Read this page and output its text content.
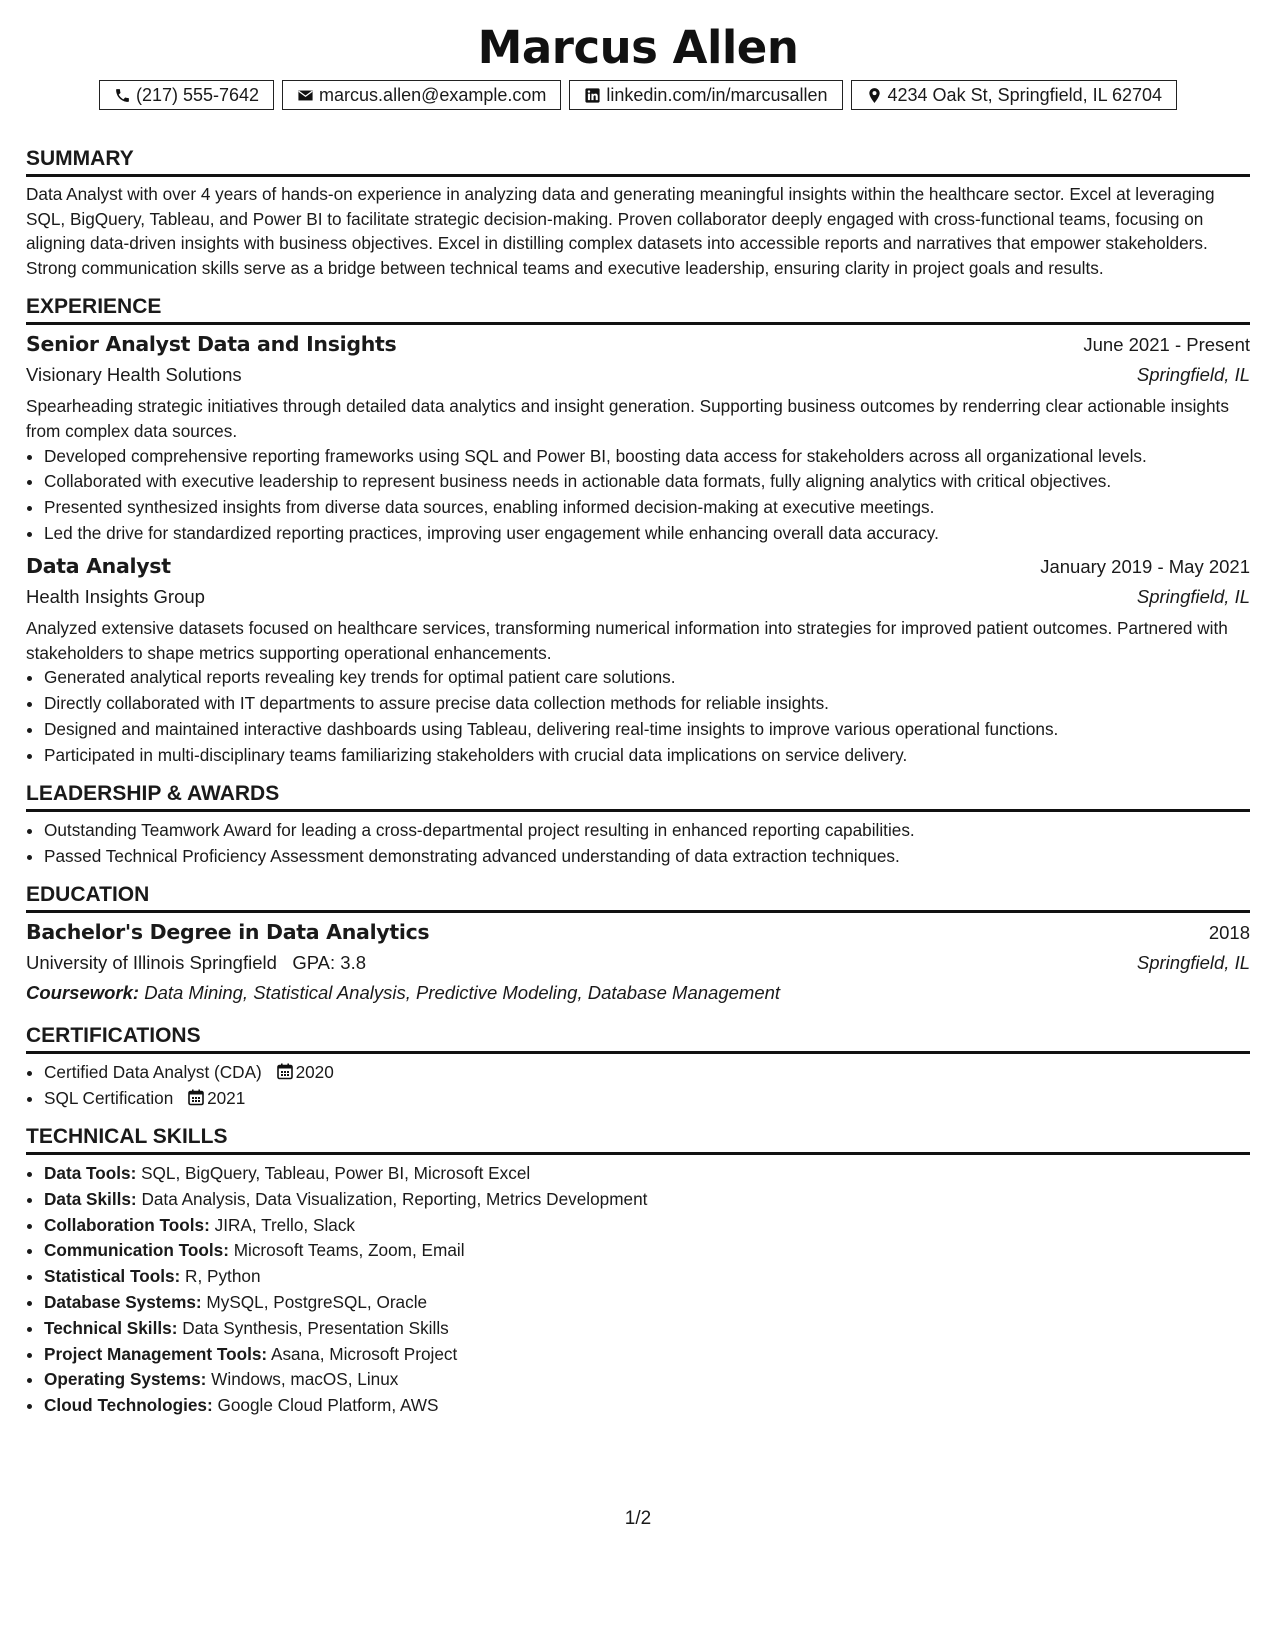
Marcus Allen
(217) 555-7642	marcus.allen@example.com	linkedin.com/in/marcusallen	4234 Oak St, Springfield, IL 62704
SUMMARY

Data Analyst with over 4 years of hands-on experience in analyzing data and generating meaningful insights within the healthcare sector. Excel at leveraging SQL, BigQuery, Tableau, and Power BI to facilitate strategic decision-making. Proven collaborator deeply engaged with cross-functional teams, focusing on aligning data-driven insights with business objectives. Excel in distilling complex datasets into accessible reports and narratives that empower stakeholders. Strong communication skills serve as a bridge between technical teams and executive leadership, ensuring clarity in project goals and results.

EXPERIENCE
Senior Analyst Data and Insights	June 2021 - Present
Visionary Health Solutions	Springfield, IL

Spearheading strategic initiatives through detailed data analytics and insight generation. Supporting business outcomes by renderring clear actionable insights from complex data sources.

• Developed comprehensive reporting frameworks using SQL and Power BI, boosting data access for stakeholders across all organizational levels.
• Collaborated with executive leadership to represent business needs in actionable data formats, fully aligning analytics with critical objectives.
• Presented synthesized insights from diverse data sources, enabling informed decision-making at executive meetings.
• Led the drive for standardized reporting practices, improving user engagement while enhancing overall data accuracy.
Data Analyst	January 2019 - May 2021
Health Insights Group	Springfield, IL

Analyzed extensive datasets focused on healthcare services, transforming numerical information into strategies for improved patient outcomes. Partnered with stakeholders to shape metrics supporting operational enhancements.

• Generated analytical reports revealing key trends for optimal patient care solutions.
• Directly collaborated with IT departments to assure precise data collection methods for reliable insights.
• Designed and maintained interactive dashboards using Tableau, delivering real-time insights to improve various operational functions.
• Participated in multi-disciplinary teams familiarizing stakeholders with crucial data implications on service delivery.
LEADERSHIP & AWARDS
• Outstanding Teamwork Award for leading a cross-departmental project resulting in enhanced reporting capabilities.
• Passed Technical Proficiency Assessment demonstrating advanced understanding of data extraction techniques.
EDUCATION
Bachelor's Degree in Data Analytics	2018
University of Illinois Springfield GPA: 3.8	Springfield, IL
Coursework: Data Mining, Statistical Analysis, Predictive Modeling, Database Management
CERTIFICATIONS
• Certified Data Analyst (CDA) 2020
• SQL Certification 2021
TECHNICAL SKILLS
• Data Tools: SQL, BigQuery, Tableau, Power BI, Microsoft Excel
• Data Skills: Data Analysis, Data Visualization, Reporting, Metrics Development
• Collaboration Tools: JIRA, Trello, Slack
• Communication Tools: Microsoft Teams, Zoom, Email
• Statistical Tools: R, Python
• Database Systems: MySQL, PostgreSQL, Oracle
• Technical Skills: Data Synthesis, Presentation Skills
• Project Management Tools: Asana, Microsoft Project
• Operating Systems: Windows, macOS, Linux
• Cloud Technologies: Google Cloud Platform, AWS
1/2
